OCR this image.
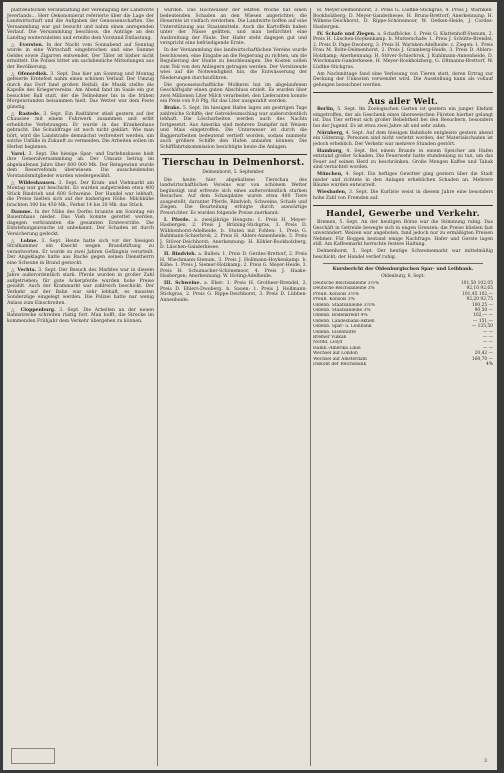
plattdeutschen Veranstaltung der Vereinigung der Landwirte Jeverlands... Herr Oekonomierat referierte über die Lage der Landwirtschaft und die Aufgaben der Genossenschaften. Die Versammlung war gut besucht und nahm einen anregenden Verlauf. Die Versammlung beschloss, die Anträge an den Landtag weiterzuleiten und erteilte dem Vorstand Entlastung.

△ Eversten. In der Nacht vom Sonnabend auf Sonntag wurde in eine Wirtschaft eingebrochen und eine Summe Geldes sowie Zigarren entwendet. Der Täter ist bisher nicht ermittelt. Die Polizei bittet um sachdienliche Mitteilungen aus der Bevölkerung.

△ Ofenerdiek. 3. Sept. Das hier am Sonntag und Montag gefeierte Erntefest nahm einen schönen Verlauf. Der Umzug durch das Dorf fand großen Beifall; die Musik stellte die Kapelle des Kriegervereins. Am Abend fand im Saale ein gut besuchter Ball statt, der die Teilnehmer bis in die frühen Morgenstunden beisammen hielt. Das Wetter war dem Feste günstig.

△ Rastede. 3. Sept. Ein Radfahrer stieß gestern auf der Chaussee mit einem Fuhrwerk zusammen und erlitt erhebliche Verletzungen. Er wurde in das Krankenhaus gebracht. Die Schuldfrage ist noch nicht geklärt. Wie man hört, wird die Landstraße demnächst verbreitert werden, um solche Unfälle in Zukunft zu vermeiden. Die Arbeiten sollen im Herbst beginnen.

Varel. 3. Sept. Die hiesige Spar- und Darlehnskasse hielt ihre Generalversammlung ab. Der Umsatz betrug im abgelaufenen Jahre über 600 000 Mk. Der Reingewinn wurde dem Reservefonds überwiesen. Die ausscheidenden Vorstandsmitglieder wurden wiedergewählt.

△ Wildeshausen. 3. Sept. Der Kram- und Viehmarkt am Montag war gut beschickt. Es wurden aufgetrieben etwa 400 Stück Rindvieh und 600 Schweine. Der Handel war lebhaft, die Preise hielten sich auf der bisherigen Höhe. Milchkühe brachten 300 bis 450 Mk., Ferkel 14 bis 20 Mk. das Stück.

Damme. In der Nähe des Dorfes brannte am Sonntag ein Bauernhaus nieder. Das Vieh konnte gerettet werden, dagegen verbrannten die gesamten Erntevorräte. Die Entstehungsursache ist unbekannt. Der Schaden ist durch Versicherung gedeckt.

△ Lohne. 3. Sept. Heute hatte sich vor der hiesigen Strafkammer ein Knecht wegen Brandstiftung zu verantworten. Er wurde zu zwei Jahren Gefängnis verurteilt. Der Angeklagte hatte aus Rache gegen seinen Dienstherrn eine Scheune in Brand gesteckt.

△ Vechta. 3. Sept. Der Besuch des Marktes war in diesem Jahre außerordentlich stark. Pferde wurden in großer Zahl aufgetrieben; für gute Ackerpferde wurden hohe Preise gezahlt. Auch der Krammarkt war zahlreich beschickt. Der Verkehr auf der Bahn war sehr lebhaft, es mussten Sonderzüge eingelegt werden. Die Polizei hatte nur wenig Anlass zum Einschreiten.

△ Cloppenburg. 3. Sept. Die Arbeiten an der neuen Bahnstrecke schreiten rüstig fort. Man hofft, die Strecke im kommenden Frühjahr dem Verkehr übergeben zu können.

wurden. Das Hochwasser der letzten Woche hat einen bedeutenden Schaden an den Wiesen angerichtet; die Heuernte ist vielfach verdorben. Die Landwirte hoffen auf eine Unterstützung aus Staatsmitteln. Auch die Kartoffeln haben unter der Nässe gelitten, und man befürchtet eine Ausbreitung der Fäule. Der Hafer steht dagegen gut und verspricht eine befriedigende Ernte.

In der Versammlung des landwirtschaftlichen Vereins wurde beschlossen, eine Eingabe an die Regierung zu richten, um die Regulierung der Hunte zu beschleunigen. Die Kosten sollen zum Teil von den Anliegern getragen werden. Der Vorsitzende wies auf die Notwendigkeit hin, die Entwässerung der Niederungen durchzuführen.

Die genossenschaftliche Molkerei hat im abgelaufenen Geschäftsjahr einen guten Abschluss erzielt. Es wurden über zwei Millionen Liter Milch verarbeitet; den Lieferanten konnte ein Preis von 9,8 Pfg. für das Liter ausgezahlt werden.

Brake. 5. Sept. Im hiesigen Hafen lagen am gestrigen Tage zahlreiche Schiffe; der Getreideumschlag war außerordentlich lebhaft. Die Löscharbeiten werden auch des Nachts fortgesetzt. Aus Amerika sind mehrere Dampfer mit Weizen und Mais eingetroffen. Die Unterweser ist durch die Baggerarbeiten bedeutend vertieft worden, sodass nunmehr auch größere Schiffe den Hafen anlaufen können. Die Schifffahrtskommission besichtigte heute die Anlagen.

Tierschau in Delmenhorst.
Delmenhorst, 5. September.

Die heute hier abgehaltene Tierschau des landwirtschaftlichen Vereins war von schönem Wetter begünstigt und erfreute sich eines außerordentlich starken Besuches. Auf dem Schauplatze waren etwa 400 Tiere ausgestellt, darunter Pferde, Rindvieh, Schweine, Schafe und Ziegen. Die Beurteilung erfolgte durch auswärtige Preisrichter. Es wurden folgende Preise zuerkannt:

I. Pferde. a. zweijährige Hengste: 1. Preis H. Meyer-Hasbergen, 2. Preis J. Brüning-Stickgras, 3. Preis D. Wübbenhorst-Adelheide. b. Stuten mit Fohlen: 1. Preis G. Bahlmann-Schierbrok, 2. Preis H. Ahlers-Annenheide, 3. Preis J. Stöver-Deichhorst; Anerkennung: H. Köhler-Bookholzberg, D. Lüschen-Ganderkesee.

II. Rindvieh. a. Bullen: 1. Preis D. Gerdes-Brettorf, 2. Preis H. Wiechmann-Stenum, 3. Preis J. Hollmann-Hoykenkamp. b. Kühe: 1. Preis J. Siemer-Holzkamp, 2. Preis G. Meyer-Heide, 3. Preis H. Schumacher-Schönemoor, 4. Preis J. Haake-Hasbergen; Anerkennung: W. Hoting-Adelheide.

III. Schweine. a. Eber: 1. Preis H. Grotheer-Brendel, 2. Preis D. Ehlers-Dwoberg. b. Sauen: 1. Preis J. Hollmann-Stickgras, 2. Preis G. Rippe-Deichhorst, 3. Preis D. Lübben-Annenheide.

H. Meyer-Delmenhorst, 3. Preis G. Lüdtke-Stickgras, 4. Preis J. Warnken-Bookholzberg; D. Meyer-Ganderkesee, H. Bruns-Brettorf; Anerkennung: H. Wilkens-Deichhorst, D. Rippe-Schönemoor, W. Oetken-Heide, J. Cordes-Hasbergen.

IV. Schafe und Ziegen. a. Schafböcke: 1. Preis G. Klattenhoff-Stenum, 2. Preis H. Lüschen-Hoykenkamp. b. Mutterschafe: 1. Preis J. Schütte-Brendel, 2. Preis D. Pape-Dwoberg, 3. Preis H. Warnken-Adelheide. c. Ziegen: 1. Preis Frau M. Bolte-Delmenhorst, 2. Preis J. Gramberg-Heide, 3. Preis D. Ahlers-Holzkamp; Anerkennung: H. Stöver-Schierbrok, J. Kuhlmann-Annenheide, D. Wiechmann-Ganderkesee, H. Meyer-Bookholzberg, G. Oltmanns-Brettorf, W. Lüdtke-Stickgras.

Am Nachmittage fand eine Verlosung von Tieren statt, deren Ertrag zur Deckung der Unkosten verwendet wird. Die Ausstellung kann als vollauf gelungen bezeichnet werden.

Aus aller Welt.

Berlin, 5. Sept. Im Zoologischen Garten ist gestern ein junger Elefant eingetroffen, der als Geschenk eines überseeischen Fürsten hierher gelangt ist. Das Tier erfreut sich großer Beliebtheit bei den Besuchern, besonders bei der Jugend. Es ist etwa zwei Jahre alt und sehr zahm.

Nürnberg, 4. Sept. Auf dem hiesigen Bahnhofe entgleiste gestern abend ein Güterzug. Personen sind nicht verletzt worden; der Materialschaden ist jedoch erheblich. Der Verkehr war mehrere Stunden gestört.

Hamburg, 4. Sept. Bei einem Brande in einem Speicher am Hafen entstand großer Schaden. Die Feuerwehr hatte stundenlang zu tun, um das Feuer auf seinen Herd zu beschränken. Große Mengen Kaffee und Tabak sind vernichtet worden.

München, 4. Sept. Ein heftiges Gewitter ging gestern über die Stadt nieder und richtete in den Anlagen erheblichen Schaden an. Mehrere Bäume wurden entwurzelt.

Wiesbaden, 3. Sept. Die Kurliste weist in diesem Jahre eine besonders hohe Zahl von Fremden auf.

Handel, Gewerbe und Verkehr.

Bremen, 5. Sept. An der heutigen Börse war die Stimmung ruhig. Das Geschäft in Getreide bewegte sich in engen Grenzen; die Preise blieben fast unverändert. Weizen war angeboten, fand jedoch nur zu ermäßigten Preisen Nehmer. Für Roggen bestand einige Nachfrage. Hafer und Gerste lagen still. Am Kaffeemarkt herrschte festere Haltung.

Delmenhorst, 5. Sept. Der heutige Schweinemarkt war mittelmäßig beschickt; der Handel verlief ruhig.

Kursbericht der Oldenburgischen Spar- und Leihbank.
Oldenburg, 6. Sept.
Deutsche Reichsanleihe 3½%	101,50 102,05
Deutsche Reichsanleihe 3%	92,10 92,65
Preuß. Konsols 3½%	101,45 102,—
Preuß. Konsols 3%	92,20 92,75
Oldenb. Staatsanleihe 3½%	100,25 —
Oldenb. Staatsanleihe 3%	90,50 —
Oldenb. Bodenkredit 4%	102,— —
Oldenb. Landesbank-Aktien	— 151,—
Oldenb. Spar- u. Leihbank	— 135,50
Oldenb. Eisenhütte	— —
Bremer Vulkan	— —
Nordd. Lloyd	— —
Hamb.-Amerika Linie	— —
Wechsel auf London	20,42 —
Wechsel auf Amsterdam	168,70 —
Diskont der Reichsbank	4%
3
